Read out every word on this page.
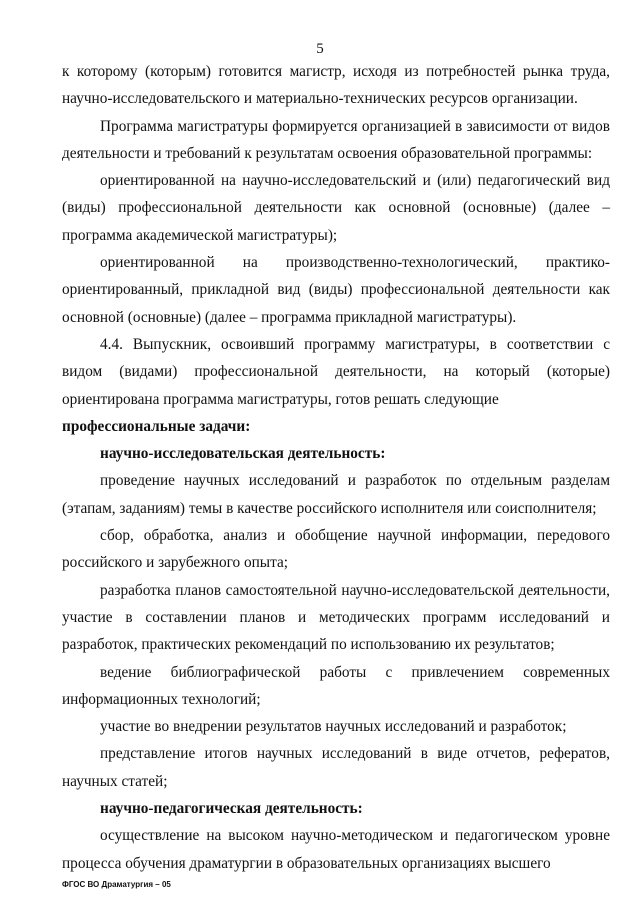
5

к которому (которым) готовится магистр, исходя из потребностей рынка труда, научно-исследовательского и материально-технических ресурсов организации.

Программа магистратуры формируется организацией в зависимости от видов деятельности и требований к результатам освоения образовательной программы:

ориентированной на научно-исследовательский и (или) педагогический вид (виды) профессиональной деятельности как основной (основные) (далее – программа академической магистратуры);

ориентированной на производственно-технологический, практико-ориентированный, прикладной вид (виды) профессиональной деятельности как основной (основные) (далее – программа прикладной магистратуры).

4.4. Выпускник, освоивший программу магистратуры, в соответствии с видом (видами) профессиональной деятельности, на который (которые) ориентирована программа магистратуры, готов решать следующие

профессиональные задачи:

научно-исследовательская деятельность:

проведение научных исследований и разработок по отдельным разделам (этапам, заданиям) темы в качестве российского исполнителя или соисполнителя;

сбор, обработка, анализ и обобщение научной информации, передового российского и зарубежного опыта;

разработка планов самостоятельной научно-исследовательской деятельности, участие в составлении планов и методических программ исследований и разработок, практических рекомендаций по использованию их результатов;

ведение библиографической работы с привлечением современных информационных технологий;

участие во внедрении результатов научных исследований и разработок;

представление итогов научных исследований в виде отчетов, рефератов, научных статей;

научно-педагогическая деятельность:

осуществление на высоком научно-методическом и педагогическом уровне процесса обучения драматургии в образовательных организациях высшего

ФГОС ВО Драматургия – 05
